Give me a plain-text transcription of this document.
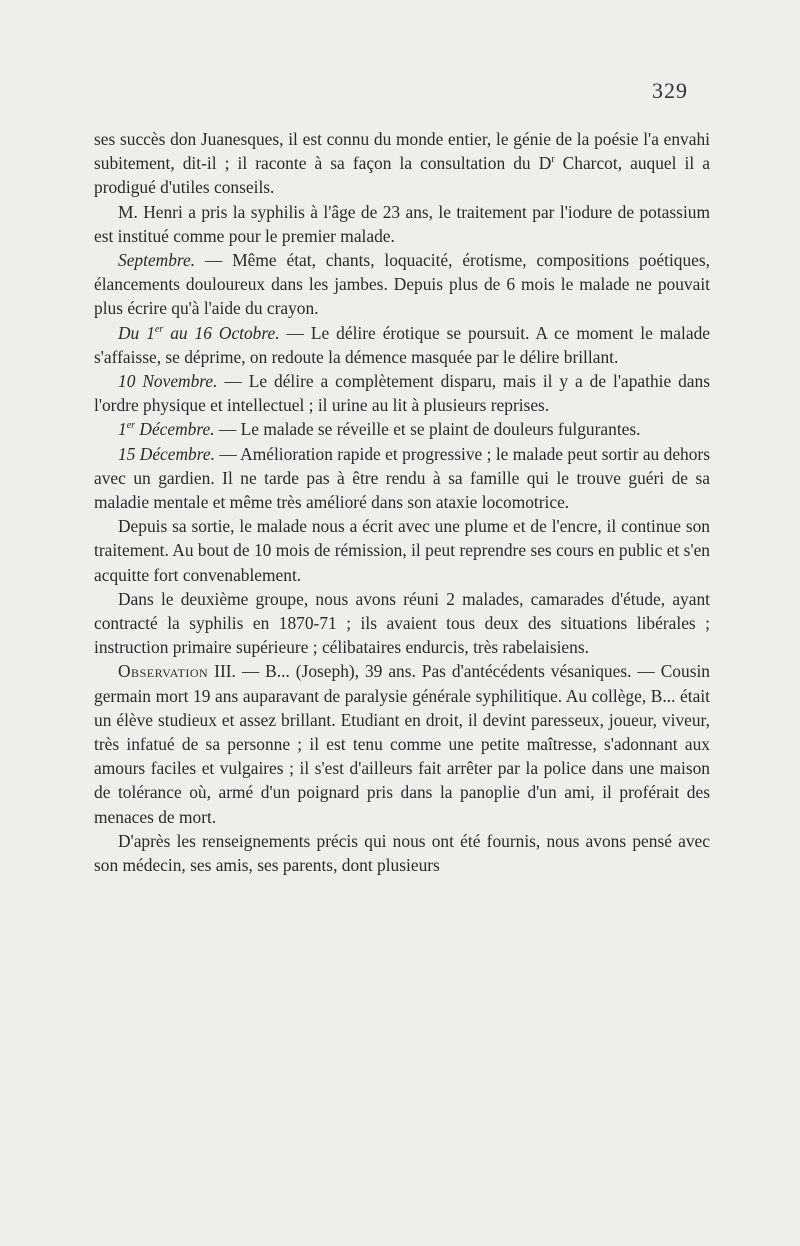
329

ses succès don Juanesques, il est connu du monde entier, le génie de la poésie l'a envahi subitement, dit-il ; il raconte à sa façon la consultation du $D^r$ Charcot, auquel il a prodigué d'utiles conseils.

M. Henri a pris la syphilis à l'âge de 23 ans, le traitement par l'iodure de potassium est institué comme pour le premier malade.

Septembre. — Même état, chants, loquacité, érotisme, compositions poétiques, élancements douloureux dans les jambes. Depuis plus de 6 mois le malade ne pouvait plus écrire qu'à l'aide du crayon.

Du 1er au 16 Octobre. — Le délire érotique se poursuit. A ce moment le malade s'affaisse, se déprime, on redoute la démence masquée par le délire brillant.

10 Novembre. — Le délire a complètement disparu, mais il y a de l'apathie dans l'ordre physique et intellectuel ; il urine au lit à plusieurs reprises.

1er Décembre. — Le malade se réveille et se plaint de douleurs fulgurantes.

15 Décembre. — Amélioration rapide et progressive ; le malade peut sortir au dehors avec un gardien. Il ne tarde pas à être rendu à sa famille qui le trouve guéri de sa maladie mentale et même très amélioré dans son ataxie locomotrice.

Depuis sa sortie, le malade nous a écrit avec une plume et de l'encre, il continue son traitement. Au bout de 10 mois de rémission, il peut reprendre ses cours en public et s'en acquitte fort convenablement.

Dans le deuxième groupe, nous avons réuni 2 malades, camarades d'étude, ayant contracté la syphilis en 1870-71 ; ils avaient tous deux des situations libérales ; instruction primaire supérieure ; célibataires endurcis, très rabelaisiens.

Observation III. — B... (Joseph), 39 ans. Pas d'antécédents vésaniques. — Cousin germain mort 19 ans auparavant de paralysie générale syphilitique. Au collège, B... était un élève studieux et assez brillant. Etudiant en droit, il devint paresseux, joueur, viveur, très infatué de sa personne ; il est tenu comme une petite maîtresse, s'adonnant aux amours faciles et vulgaires ; il s'est d'ailleurs fait arrêter par la police dans une maison de tolérance où, armé d'un poignard pris dans la panoplie d'un ami, il proférait des menaces de mort.

D'après les renseignements précis qui nous ont été fournis, nous avons pensé avec son médecin, ses amis, ses parents, dont plusieurs
